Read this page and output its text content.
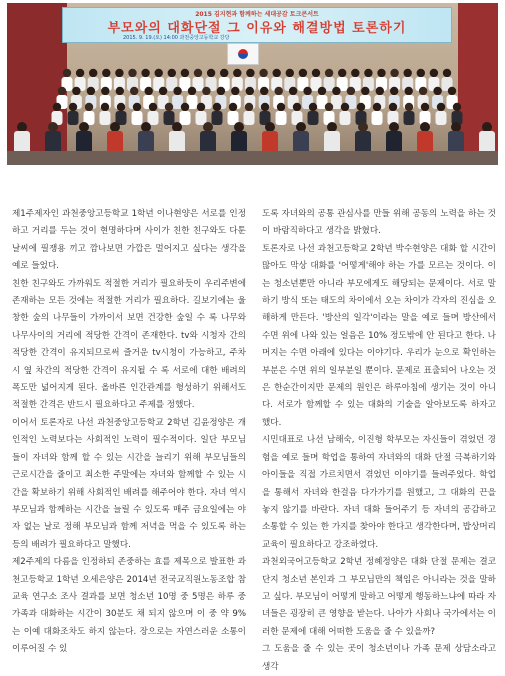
2015 김지현과 함께하는 세대공감 토크콘서트
부모와의 대화단절 그 이유와 해결방법 토론하기
2015. 9. 19.(토) 14:00 과천중앙고등학교 강당

제1주제자인 과천중앙고등학교 1학년 이나현양은 서로를 인정하고 거리를 두는 것이 현명하다며 사이가 친한 친구와도 다툰 날씨에 필쟁용 끼고 깜나보면 가깝은 멀어지고 싶다는 생각을 예로 들었다.

친한 친구와도 가까워도 적절한 거리가 필요하듯이 우리주변에 존재하는 모든 것에는 적절한 거리가 필요하다. 길보기에는 울창한 숲의 나무들이 가까이서 보면 건강한 숲일 수 록 나무와 나무사이의 거리에 적당한 간격이 존재한다. tv와 시청자 간의 적당한 간격이 유지되므로써 즐거운 tv시청이 가능하고, 주차 시 옆 차간의 적당한 간격이 유지될 수 록 서로에 대한 배려의 폭도만 넓어지게 된다. 올바른 인간관계를 형성하기 위해서도 적절한 간격은 반드시 필요하다고 주제를 정했다.

이어서 토론자로 나선 과천중앙고등학교 2학년 김윤정양은 개인적인 노력보다는 사회적인 노력이 필수적이다. 일단 부모님들이 자녀와 함께 할 수 있는 시간을 늘리기 위해 부모님들의 근로시간을 줄이고 최소한 주말에는 자녀와 함께할 수 있는 시간을 확보하기 위해 사회적인 배려를 해주어야 한다. 자녀 역시 부모님과 함께하는 시간을 늘릴 수 있도록 매주 금요일에는 야자 없는 날로 정해 부모님과 함께 저녁을 먹을 수 있도록 하는 등의 배려가 필요하다고 말했다.

제2주제의 다름을 인정하되 존중하는 효를 제목으로 발표한 과천고등학교 1학년 오세은양은 2014년 전국교직원노동조합 참교육 연구소 조사 결과를 보면 청소년 10명 중 5명은 하루 중 가족과 대화하는 시간이 30분도 채 되지 않으며 이 중 약 9%는 이예 대화조차도 하지 않는다. 장으로는 자연스러운 소통이 이루어질 수 있

도록 자녀와의 공통 관심사를 만들 위해 공동의 노력을 하는 것이 바람직하다고 생각을 밝혔다.

토론자로 나선 과천고등학교 2학년 박수현양은 대화 할 시간이 많아도 막상 대화를 '어떻게'해야 하는 가를 모르는 것이다. 이는 청소년뿐만 아니라 부모에게도 해당되는 문제이다. 서로 말하기 방식 또는 태도의 차이에서 오는 차이가 각자의 진심을 오해하게 만든다. '방산의 일각'이라는 말을 예로 들며 방산에서 수면 위에 나와 있는 얼음은 10% 정도밖에 안 된다고 한다. 나머지는 수면 아래에 있다는 이야기다. 우리가 눈으로 확인하는 부분은 수면 위의 일부분일 뿐이다. 문제로 표출되어 나오는 것은 한순간이지만 문제의 원인은 하루아침에 생기는 것이 아니다. 서로가 함께할 수 있는 대화의 기술을 알아보도록 하자고 했다.

시민대표로 나선 남해숙, 이진형 학부모는 자신들이 겪었던 경험을 예로 들며 학업을 통하여 자녀와의 대화 단절 극복하기와 아이들을 직접 가르치면서 겪었던 이야기를 들려주었다. 학업을 통해서 자녀와 한걸음 다가가기를 원했고, 그 대화의 끈을 놓지 않기를 바란다. 자녀 대화 들어주기 등 자녀의 공감하고 소통할 수 있는 한 가지를 찾아야 한다고 생각한다며, 밥상머리 교육이 필요하다고 강조하였다.

과천외국어고등학교 2학년 정혜정양은 대화 단절 문제는 결코 단지 청소년 본인과 그 부모님만의 책임은 아니라는 것을 말하고 싶다. 부모님이 어떻게 말하고 어떻게 행동하느냐에 따라 자녀들은 굉장히 큰 영향을 받는다. 나아가 사회나 국가에서는 이러한 문제에 대해 어떠한 도움을 줄 수 있을까?

그 도움을 줄 수 있는 곳이 청소년이나 가족 문제 상담소라고 생각
